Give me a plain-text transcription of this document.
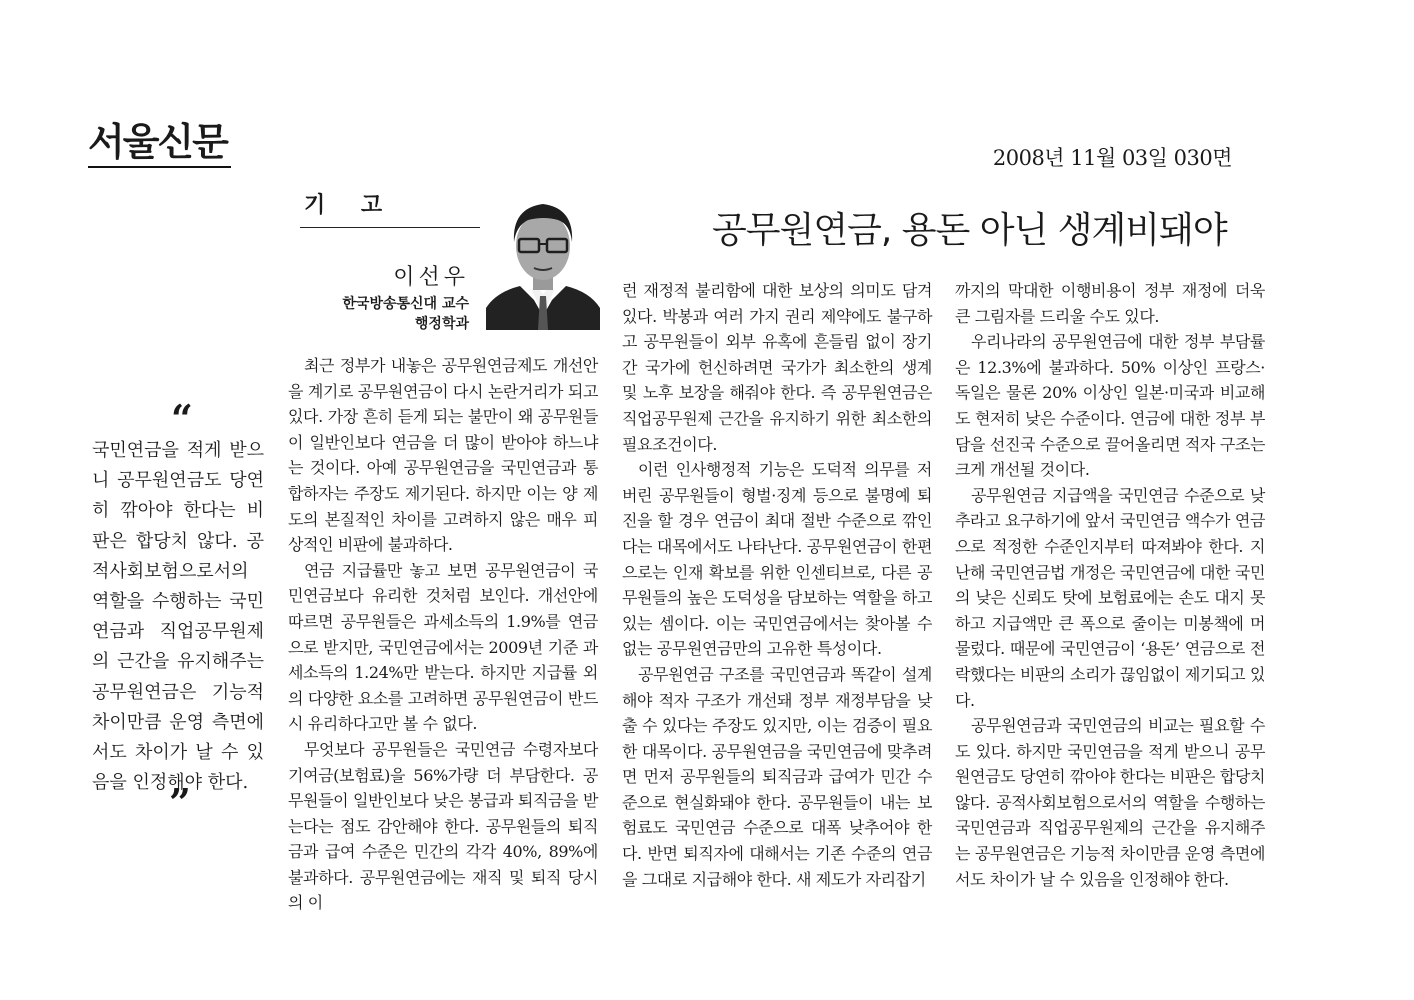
서울신문	2008년 11월 03일 030면
기 고
공무원연금, 용돈 아닌 생계비돼야
이선우
한국방송통신대 교수
행정학과
“
국민연금을 적게 받으니 공무원연금도 당연히 깎아야 한다는 비판은 합당치 않다. 공적사회보험으로서의 역할을 수행하는 국민연금과 직업공무원제의 근간을 유지해주는 공무원연금은 기능적 차이만큼 운영 측면에서도 차이가 날 수 있음을 인정해야 한다.
”

최근 정부가 내놓은 공무원연금제도 개선안을 계기로 공무원연금이 다시 논란거리가 되고 있다. 가장 흔히 듣게 되는 불만이 왜 공무원들이 일반인보다 연금을 더 많이 받아야 하느냐는 것이다. 아예 공무원연금을 국민연금과 통합하자는 주장도 제기된다. 하지만 이는 양 제도의 본질적인 차이를 고려하지 않은 매우 피상적인 비판에 불과하다.

연금 지급률만 놓고 보면 공무원연금이 국민연금보다 유리한 것처럼 보인다. 개선안에 따르면 공무원들은 과세소득의 1.9%를 연금으로 받지만, 국민연금에서는 2009년 기준 과세소득의 1.24%만 받는다. 하지만 지급률 외의 다양한 요소를 고려하면 공무원연금이 반드시 유리하다고만 볼 수 없다.

무엇보다 공무원들은 국민연금 수령자보다 기여금(보험료)을 56%가량 더 부담한다. 공무원들이 일반인보다 낮은 봉급과 퇴직금을 받는다는 점도 감안해야 한다. 공무원들의 퇴직금과 급여 수준은 민간의 각각 40%, 89%에 불과하다. 공무원연금에는 재직 및 퇴직 당시의 이

런 재정적 불리함에 대한 보상의 의미도 담겨 있다. 박봉과 여러 가지 권리 제약에도 불구하고 공무원들이 외부 유혹에 흔들림 없이 장기간 국가에 헌신하려면 국가가 최소한의 생계 및 노후 보장을 해줘야 한다. 즉 공무원연금은 직업공무원제 근간을 유지하기 위한 최소한의 필요조건이다.

이런 인사행정적 기능은 도덕적 의무를 저버린 공무원들이 형벌·징계 등으로 불명예 퇴진을 할 경우 연금이 최대 절반 수준으로 깎인다는 대목에서도 나타난다. 공무원연금이 한편으로는 인재 확보를 위한 인센티브로, 다른 공무원들의 높은 도덕성을 담보하는 역할을 하고 있는 셈이다. 이는 국민연금에서는 찾아볼 수 없는 공무원연금만의 고유한 특성이다.

공무원연금 구조를 국민연금과 똑같이 설계해야 적자 구조가 개선돼 정부 재정부담을 낮출 수 있다는 주장도 있지만, 이는 검증이 필요한 대목이다. 공무원연금을 국민연금에 맞추려면 먼저 공무원들의 퇴직금과 급여가 민간 수준으로 현실화돼야 한다. 공무원들이 내는 보험료도 국민연금 수준으로 대폭 낮추어야 한다. 반면 퇴직자에 대해서는 기존 수준의 연금을 그대로 지급해야 한다. 새 제도가 자리잡기

까지의 막대한 이행비용이 정부 재정에 더욱 큰 그림자를 드리울 수도 있다.

우리나라의 공무원연금에 대한 정부 부담률은 12.3%에 불과하다. 50% 이상인 프랑스·독일은 물론 20% 이상인 일본·미국과 비교해도 현저히 낮은 수준이다. 연금에 대한 정부 부담을 선진국 수준으로 끌어올리면 적자 구조는 크게 개선될 것이다.

공무원연금 지급액을 국민연금 수준으로 낮추라고 요구하기에 앞서 국민연금 액수가 연금으로 적정한 수준인지부터 따져봐야 한다. 지난해 국민연금법 개정은 국민연금에 대한 국민의 낮은 신뢰도 탓에 보험료에는 손도 대지 못하고 지급액만 큰 폭으로 줄이는 미봉책에 머물렀다. 때문에 국민연금이 ‘용돈’ 연금으로 전락했다는 비판의 소리가 끊임없이 제기되고 있다.

공무원연금과 국민연금의 비교는 필요할 수도 있다. 하지만 국민연금을 적게 받으니 공무원연금도 당연히 깎아야 한다는 비판은 합당치 않다. 공적사회보험으로서의 역할을 수행하는 국민연금과 직업공무원제의 근간을 유지해주는 공무원연금은 기능적 차이만큼 운영 측면에서도 차이가 날 수 있음을 인정해야 한다.
